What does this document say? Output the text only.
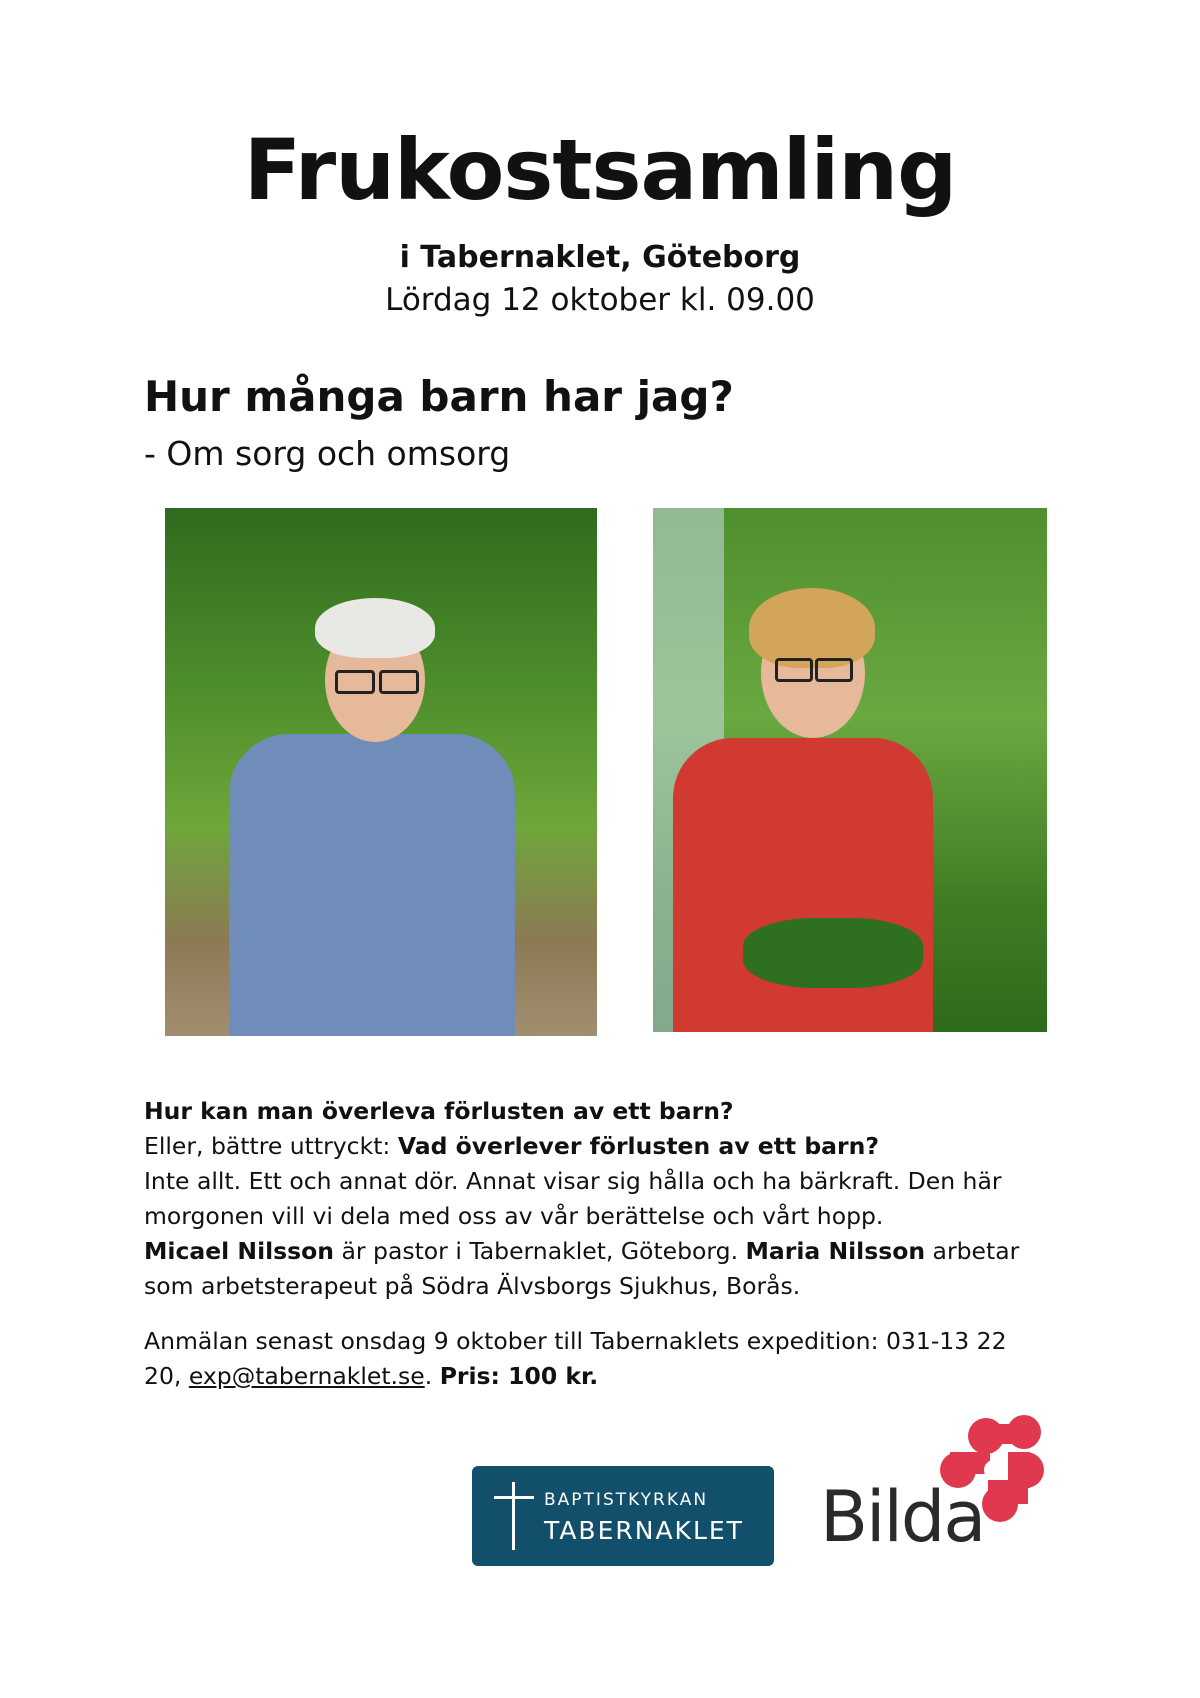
Frukostsamling
i Tabernaklet, Göteborg
Lördag 12 oktober kl. 09.00
Hur många barn har jag?
- Om sorg och omsorg

Hur kan man överleva förlusten av ett barn?

Eller, bättre uttryckt: Vad överlever förlusten av ett barn?

Inte allt. Ett och annat dör. Annat visar sig hålla och ha bärkraft. Den här morgonen vill vi dela med oss av vår berättelse och vårt hopp.

Micael Nilsson är pastor i Tabernaklet, Göteborg. Maria Nilsson arbetar som arbetsterapeut på Södra Älvsborgs Sjukhus, Borås.

Anmälan senast onsdag 9 oktober till Tabernaklets expedition: 031-13 22 20, exp@tabernaklet.se. Pris: 100 kr.
BAPTISTKYRKAN
TABERNAKLET Bilda
